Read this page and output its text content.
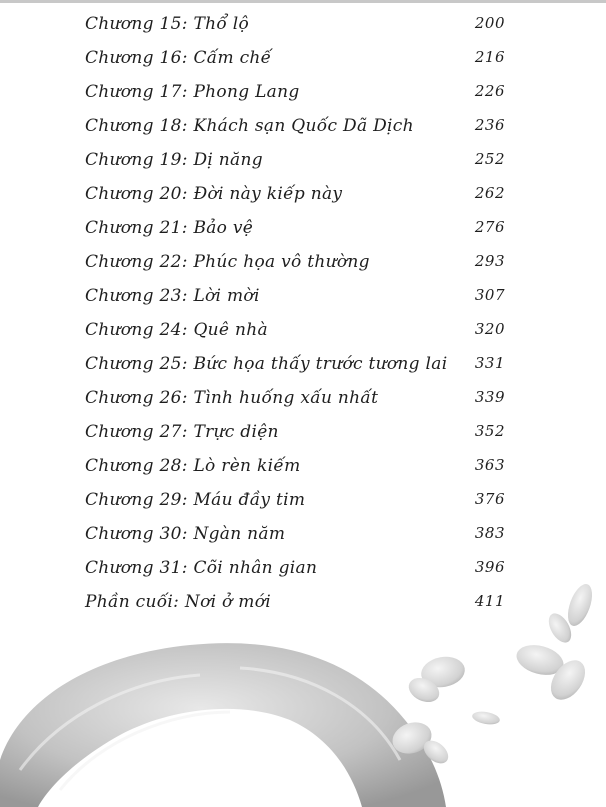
Chương 15: Thổ lộ	200
Chương 16: Cấm chế	216
Chương 17: Phong Lang	226
Chương 18: Khách sạn Quốc Dã Dịch	236
Chương 19: Dị năng	252
Chương 20: Đời này kiếp này	262
Chương 21: Bảo vệ	276
Chương 22: Phúc họa vô thường	293
Chương 23: Lời mời	307
Chương 24: Quê nhà	320
Chương 25: Bức họa thấy trước tương lai 331
Chương 26: Tình huống xấu nhất	339
Chương 27: Trực diện	352
Chương 28: Lò rèn kiếm	363
Chương 29: Máu đầy tim	376
Chương 30: Ngàn năm	383
Chương 31: Cõi nhân gian	396
Phần cuối: Nơi ở mới	411
